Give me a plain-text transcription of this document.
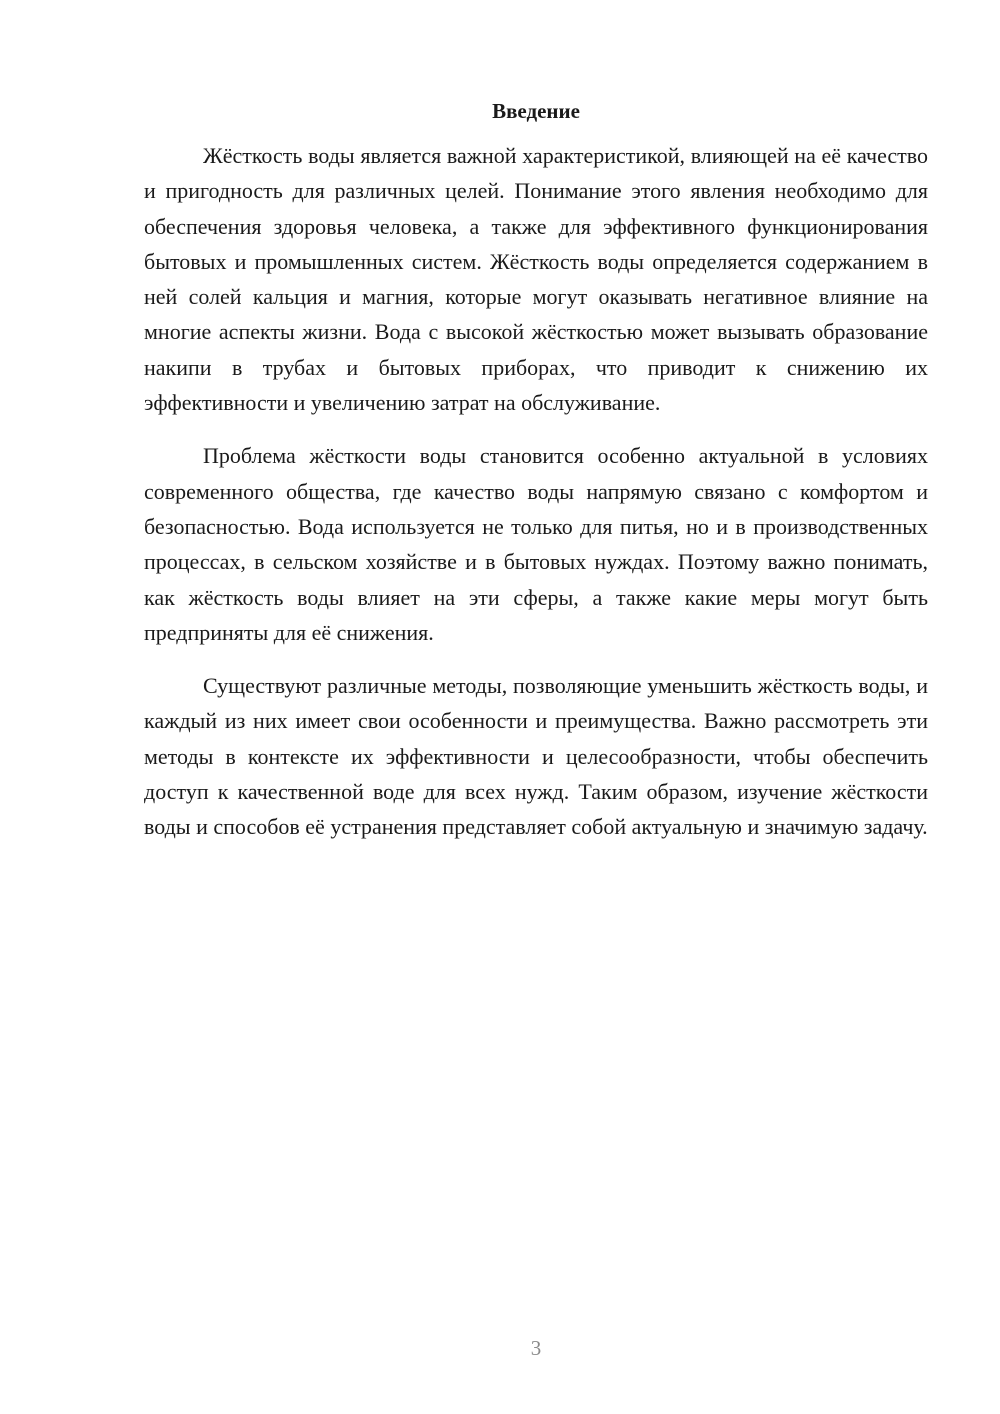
Введение

Жёсткость воды является важной характеристикой, влияющей на её качество и пригодность для различных целей. Понимание этого явления необходимо для обеспечения здоровья человека, а также для эффективного функционирования бытовых и промышленных систем. Жёсткость воды определяется содержанием в ней солей кальция и магния, которые могут оказывать негативное влияние на многие аспекты жизни. Вода с высокой жёсткостью может вызывать образование накипи в трубах и бытовых приборах, что приводит к снижению их эффективности и увеличению затрат на обслуживание.

Проблема жёсткости воды становится особенно актуальной в условиях современного общества, где качество воды напрямую связано с комфортом и безопасностью. Вода используется не только для питья, но и в производственных процессах, в сельском хозяйстве и в бытовых нуждах. Поэтому важно понимать, как жёсткость воды влияет на эти сферы, а также какие меры могут быть предприняты для её снижения.

Существуют различные методы, позволяющие уменьшить жёсткость воды, и каждый из них имеет свои особенности и преимущества. Важно рассмотреть эти методы в контексте их эффективности и целесообразности, чтобы обеспечить доступ к качественной воде для всех нужд. Таким образом, изучение жёсткости воды и способов её устранения представляет собой актуальную и значимую задачу.

3
